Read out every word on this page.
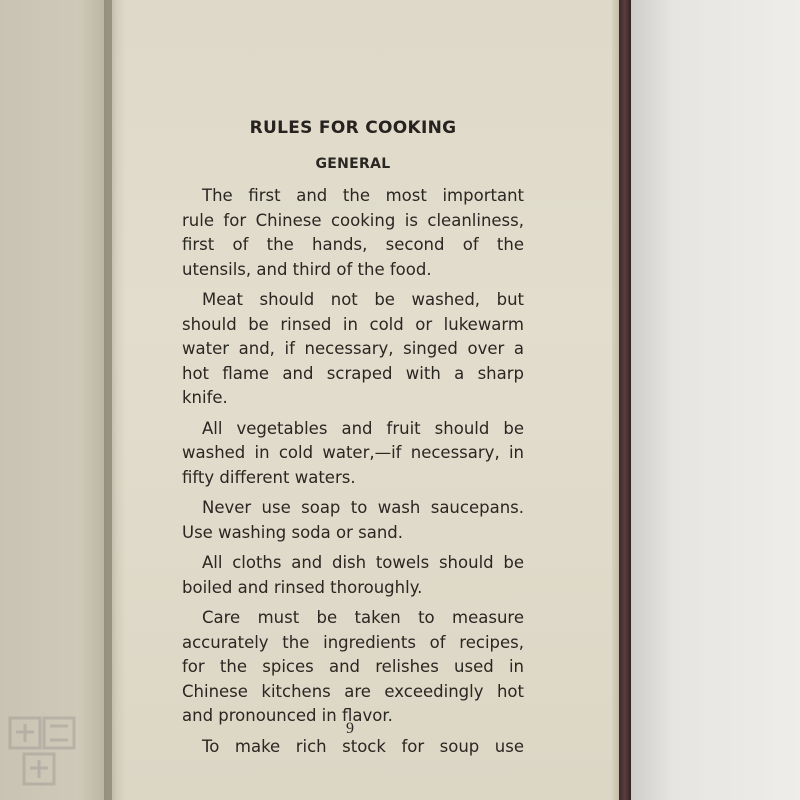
RULES FOR COOKING
GENERAL

The first and the most important
rule for Chinese cooking is cleanliness,
first of the hands, second of the
utensils, and third of the food.

Meat should not be washed, but
should be rinsed in cold or lukewarm
water and, if necessary, singed over a
hot flame and scraped with a sharp
knife.

All vegetables and fruit should be
washed in cold water,—if necessary, in
fifty different waters.

Never use soap to wash saucepans.
Use washing soda or sand.

All cloths and dish towels should be
boiled and rinsed thoroughly.

Care must be taken to measure
accurately the ingredients of recipes,
for the spices and relishes used in
Chinese kitchens are exceedingly hot
and pronounced in flavor.

To make rich stock for soup use

9
